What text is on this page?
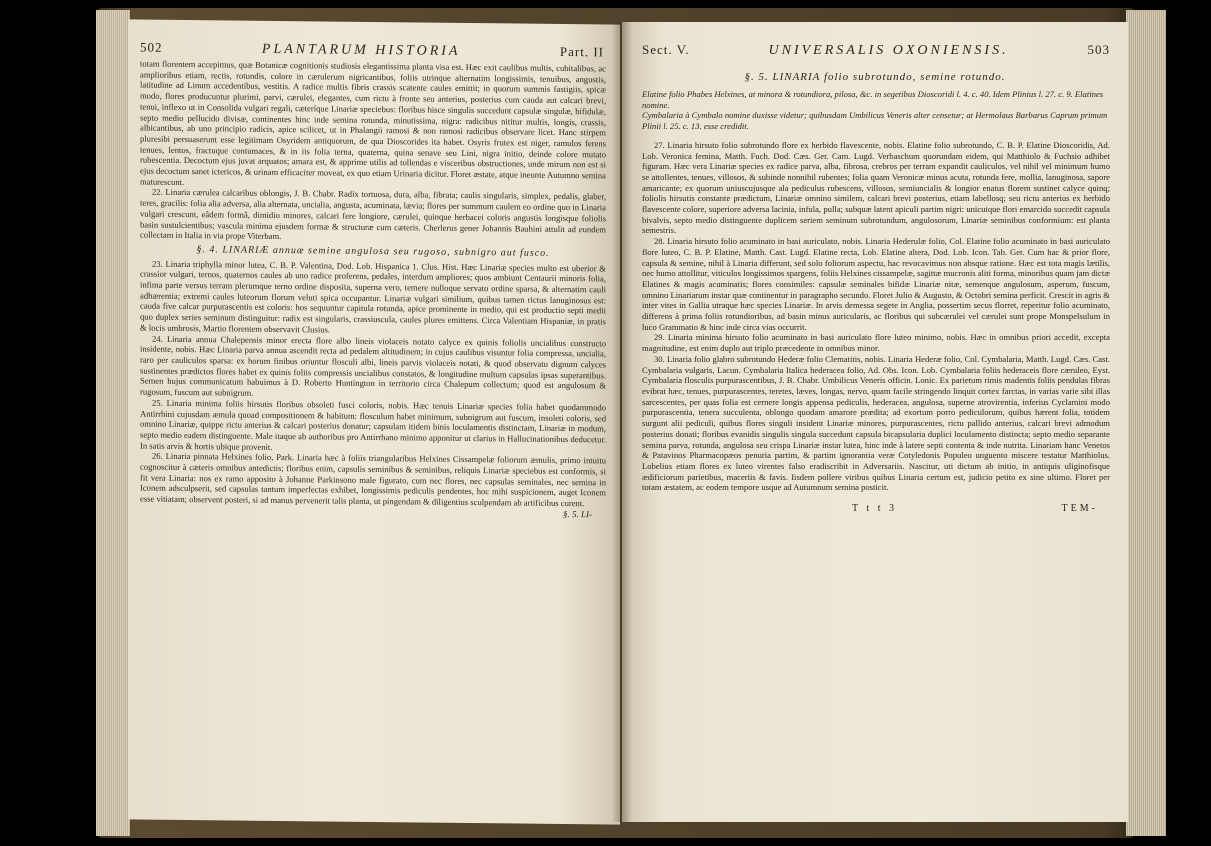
502	PLANTARUM HISTORIA	Part. II

totam florentem accepimus, quæ Botanicæ cognitionis studiosis elegantissima planta visa est. Hæc exit caulibus multis, cubitalibus, ac amplioribus etiam, rectis, rotundis, colore in cærulerum nigricantibus, foliis utrinque alternatim longissimis, tenuibus, angustis, latitudine ad Linum accedentibus, vestitis. A radice multis fibris crassis scatente caules emittit; in quorum summis fastigiis, spicæ modo, flores producuntur plurimi, parvi, cærulei, elegantes, cum rictu à fronte seu anterius, posterius cum cauda aut calcari brevi, tenui, inflexo ut in Consolida vulgari regali, cæteríque Linariæ speciebus: floribus hisce singulis succedunt capsulæ singulæ, bifidulæ, septo medio pellucido divisæ, continentes hinc inde semina rotunda, minutissima, nigra: radicibus nititur multis, longis, crassis, albicantibus, ab uno principio radicis, apice scilicet, ut in Phalangii ramosi & non ramosi radicibus observare licet. Hanc stirpem pluresibi persuaserunt esse legitimam Osyridem antiquorum, de qua Dioscorides ita habet. Osyris frutex est niger, ramulos ferens tenues, lentos, fractuque contumaces, & in iis folia terna, quaterna, quina senave seu Lini, nigra initio, deinde colore mutato rubescentia. Decoctum ejus juvat arquatos; amara est, & apprime utilis ad tollendas e visceribus obstructiones, unde mirum non est si ejus decoctum sanet ictericos, & urinam efficaciter moveat, ex quo etiam Urinaria dicitur. Floret æstate, atque ineunte Autumno semina maturescunt.

22. Linaria cærulea calcaribus oblongis, J. B. Chabr. Radix tortuosa, dura, alba, fibrata; caulis singularis, simplex, pedalis, glaber, teres, gracilis: folia alia adversa, alia alternata, uncialia, angusta, acuminata, lævia; flores per summum caulem eo ordine quo in Linaria vulgari crescunt, eâdem formâ, dimidio minores, calcari fere longiore, cærulei, quinque herbacei coloris angustis longisque foliolis basin sustulcientibus; vascula minima ejusdem formæ & structuræ cum cæteris. Cherlerus gener Johannis Bauhini attulit ad eundem collectam in Italia in via prope Viterbam.

§. 4. LINARIÆ annuæ semine angulosa seu rugoso, subnigro aut fusco.

23. Linaria triphylla minor lutea, C. B. P. Valentina, Dod. Lob. Hispanica 1. Clus. Hist. Hæc Linariæ species multo est uberior & crassior vulgari, ternos, quaternos caules ab uno radice proferens, pedales, interdum ampliores; quos ambiunt Centaurii minoris folia, infima parte versus terram plerumque terno ordine disposita, superna vero, temere nulloque servato ordine sparsa, & alternatim cauli adhærentia; extremi caules luteorum florum veluti spica occupantur. Linariæ vulgari similium, quibus tamen rictus lanuginosus est: cauda five calcar purpurascentis est coloris: hos sequuntur capitula rotunda, apice prominente in medio, qui est productio septi medii quo duplex series seminum distinguitur: radix est singularis, crassiuscula, caules plures emittens. Circa Valentiam Hispaniæ, in pratis & locis umbrosis, Martio florentem observavit Clusius.

24. Linaria annua Chalepensis minor erecta flore albo lineis violaceis notato calyce ex quinis foliolis uncialibus constructo insidente, nobis. Hæc Linaria parva annua ascendit recta ad pedalem altitudinem; in cujus caulibus visuntur folia compressa, uncialia, raro per cauliculos sparsa: ex horum finibus oriuntur flosculi albi, lineis parvis violaceis notati, & quod observatu dignum calyces sustinentes prædictos flores habet ex quinis foliis compressis uncialibus constatos, & longitudine multum capsulas ipsas superantibus. Semen hujus communicatum habuimus à D. Roberto Huntington in territorio circa Chalepum collectum; quod est angulosum & rugosum, fuscum aut subnigrum.

25. Linaria minima foliis hirsutis floribus obsoleti fusci coloris, nobis. Hæc tenuis Linariæ species folia habet quodammodo Antirrhini cujusdam æmula quoad compositionem & habitum: flosculum habet minimum, subnigrum aut fuscum, insoleti coloris, sed omnino Linariæ, quippe rictu anterius & calcari posterius donatur; capsulam itidem binis loculamentis distinctam, Linariæ in modum, septo medio eadem distinguente. Male itaque ab authoribus pro Antirrhano minimo apponitur ut clarius in Hallucinationibus deducetur. In satis arvis & hortis ubique provenit.

26. Linaria pinnata Helxines folio, Park. Linaria hæc à foliis triangularibus Helxines Cissampelæ foliorum æmulis, primo intuitu cognoscitur à cæteris omnibus antedictis; floribus enim, capsulis seminibus & seminibus, reliquis Linariæ speciebus est conformis, si fit vera Linaria: nos ex ramo apposito à Johanne Parkinsono male figurato, cum nec flores, nec capsulas seminales, nec semina in Iconem adsculpserit, sed capsulas tantum imperfectas exhibet, longissimis pediculis pendentes, hoc mihi suspicionem, auget Iconem esse vitiatam; observent posteri, si ad manus pervenerit talis planta, ut pingendam & diligentius sculpendam ab artificibus curent.

§. 5. LI-
Sect. V.	UNIVERSALIS OXONIENSIS.	503
§. 5. LINARIA folio subrotundo, semine rotundo.

Elatine folio Phabes Helxines, at minora & rotundiora, pilosa, &c. in segetibus Dioscoridi l. 4. c. 40. Idem Plinius l. 27. c. 9. Elatines nomine.

Cymbalaria à Cymbalo nomine duxisse videtur; quibusdam Umbilicus Veneris alter censetur; at Hermolaus Barbarus Caprum primum Plinii l. 25. c. 13. esse credidit.

27. Linaria hirsuto folio subrotundo flore ex herbido flavescente, nobis. Elatine folio subrotundo, C. B. P. Elatine Dioscoridis, Ad. Lob. Veronica femina, Matth. Fuch. Dod. Cæs. Ger. Cam. Lugd. Verbaschum quorundam eidem, qui Matthiolo & Fuchsio adhibet figuram. Hæc vera Linariæ species ex radice parva, alba, fibrosa, crebros per terram expandit cauliculos, vel nihil vel minimum humo se attollentes, tenues, villosos, & subinde nonnihil rubentes; folia quam Veronicæ minus acuta, rotunda fere, mollia, lanuginosa, sapore amaricante; ex quorum uniuscujusque ala pediculus rubescens, villosus, semiuncialis & longior enatus florem sustinet calyce quinq; foliolis hirsutis constante prædictum, Linariæ omnino similem, calcari brevi posterius, etiam labellosq; seu rictu anterius ex herbido flavescente colore, superiore adversa lacinia, infula, pulla; subquæ latent apiculi partim nigri: unicuique flori emarcido succedit capsula bivalvis, septo medio distinguente duplicem seriem seminum subrotundum, angulosorum, Linariæ seminibus conformium: est planta semestris.

28. Linaria hirsuto folio acuminato in basi auriculato, nobis. Linaria Hederulæ folio, Col. Elatine folio acuminato in basi auriculato flore luteo, C. B. P. Elatine, Matth. Cast. Lugd. Elatine recta, Lob. Elatine altera, Dod. Lob. Icon. Tab. Ger. Cum hac & prior flore, capsula & semine, nihil à Linaria differunt, sed solo foliorum aspectu, hac revocavimus non absque ratione. Hæc est tota magis lætilis, nec humo attollitur, viticulos longissimos spargens, foliis Helxines cissampelæ, sagittæ mucronis aliti forma, minoribus quam jam dictæ Elatines & magis acuminatis; flores consimiles: capsulæ seminales bifidæ Linariæ nitæ, semenque angulosum, asperum, fuscum, omnino Linariarum instar quæ continentur in paragrapho secundo. Floret Julio & Augusto, & Octobri semina perficit. Crescit in agris & inter vites in Gallia utraque hæc species Linariæ. In arvis demessa segete in Anglia, possertim secus florret, reperitur folio acuminato, differens à prima foliis rotundioribus, ad basin minus auricularis, ac floribus qui subcærulei vel cærulei sunt prope Monspelsulum in luco Grammatio & hinc inde circa vias occurrit.

29. Linaria minima hirsuto folio acuminato in basi auriculato flore luteo minimo, nobis. Hæc in omnibus priori accedit, excepta magnitudine, est enim duplo aut triplo præcedente in omnibus minor.

30. Linaria folio glabro subrotundo Hederæ folio Clematitis, nobis. Linaria Hederæ folio, Col. Cymbalaria, Matth. Lugd. Cæs. Cast. Cymbalaria vulgaris, Lacun. Cymbalaria Italica hederacea folio, Ad. Obs. Icon. Lob. Cymbalaria foliis hederaceis flore cæruleo, Eyst. Cymbalaria flosculis purpurascentibus, J. B. Chabr. Umbilicus Veneris officin. Lonic. Ex parietum rimis madentis foliis pendulas fibras evibrat hæc, tenues, purpurascentes, teretes, læves, longas, nervo, quam facile stringendo linquit cortex farctas, in varias varie sibi illas sarcescentes, per quas folia est cernere longis appensa pediculis, hederacea, angulosa, superne atrovirentia, inferius Cyclamini modo purpurascentia, tenera succulenta, oblongo quodam amarore prædita; ad exortum porro pediculorum, quibus hærent folia, totidem surgunt alii pediculi, quibus flores singuli insident Linariæ minores, purpurascentes, rictu pallido anterius, calcari brevi admodum posterius donati; floribus evanidis singulis singula succedunt capsula bicapsularia duplici loculamento distincta; septo medio separante semina parva, rotunda, angulosa seu crispa Linariæ instar lutea, hinc inde à latere septi contenta & inde nutrita. Linariam hanc Venetos & Patavinos Pharmacopæos penuria partim, & partim ignorantia veræ Cotyledonis Populeo unguento miscere testatur Matthiolus. Lobelius etiam flores ex luteo virentes falso eradiscribit in Adversariis. Nascitur, uti dictum ab initio, in antiquis uliginofisque ædificiorum parietibus, maceriis & favis. Iisdem pollere viribus quibus Linaria certum est, judicio petito ex sine ultimo. Floret per totam æstatem, ac eodem tempore usque ad Autumnum semina posticit.

T t t 3	TEM-
